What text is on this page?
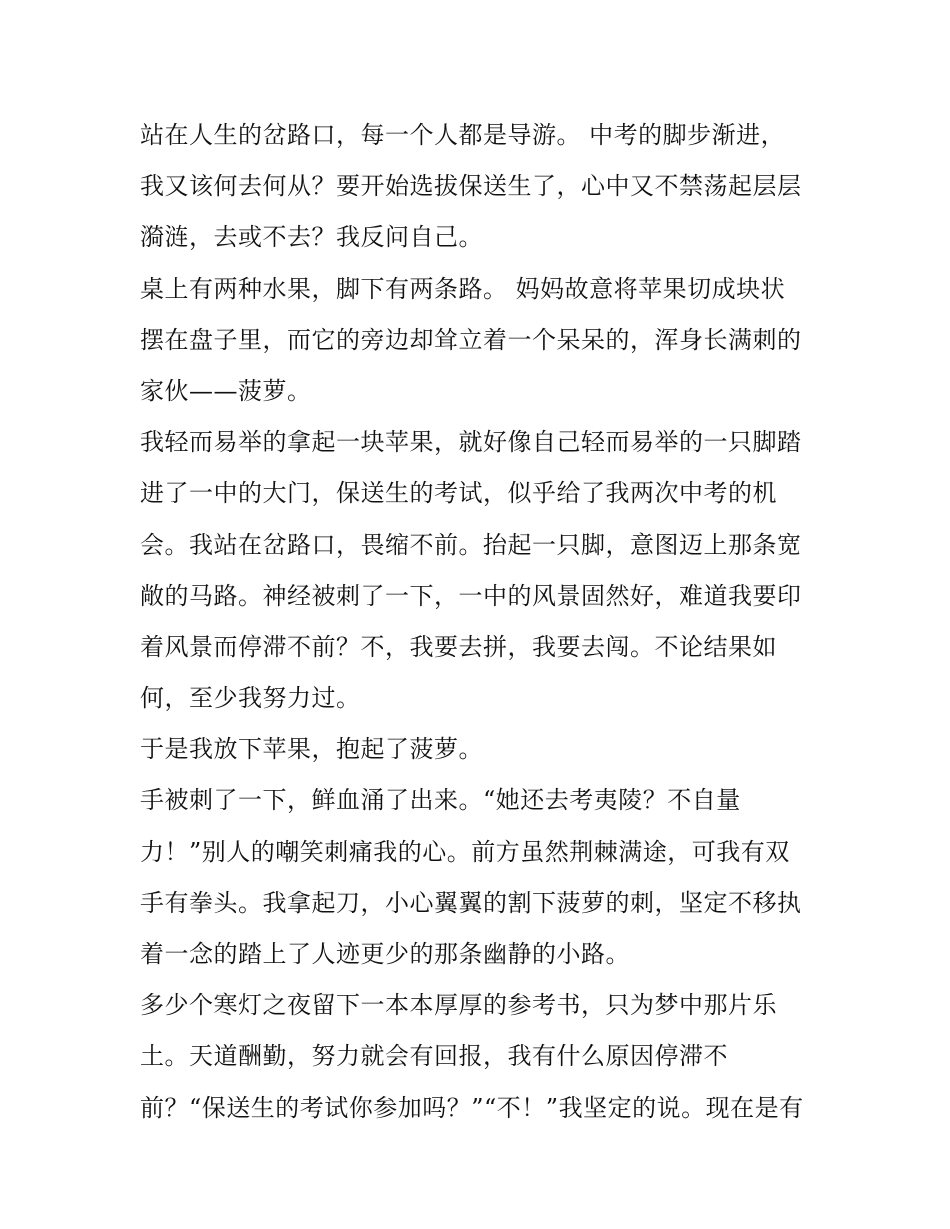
站在人生的岔路口，每一个人都是导游。 中考的脚步渐进，
我又该何去何从？要开始选拔保送生了，心中又不禁荡起层层
漪涟，去或不去？我反问自己。
桌上有两种水果，脚下有两条路。 妈妈故意将苹果切成块状
摆在盘子里，而它的旁边却耸立着一个呆呆的，浑身长满刺的
家伙——菠萝。
我轻而易举的拿起一块苹果，就好像自己轻而易举的一只脚踏
进了一中的大门，保送生的考试，似乎给了我两次中考的机
会。我站在岔路口，畏缩不前。抬起一只脚，意图迈上那条宽
敞的马路。神经被刺了一下，一中的风景固然好，难道我要印
着风景而停滞不前？不，我要去拼，我要去闯。不论结果如
何，至少我努力过。
于是我放下苹果，抱起了菠萝。
手被刺了一下，鲜血涌了出来。“她还去考夷陵？不自量
力！”别人的嘲笑刺痛我的心。前方虽然荆棘满途，可我有双
手有拳头。我拿起刀，小心翼翼的割下菠萝的刺，坚定不移执
着一念的踏上了人迹更少的那条幽静的小路。
多少个寒灯之夜留下一本本厚厚的参考书，只为梦中那片乐
土。天道酬勤，努力就会有回报，我有什么原因停滞不
前？“保送生的考试你参加吗？”“不！”我坚定的说。现在是有
